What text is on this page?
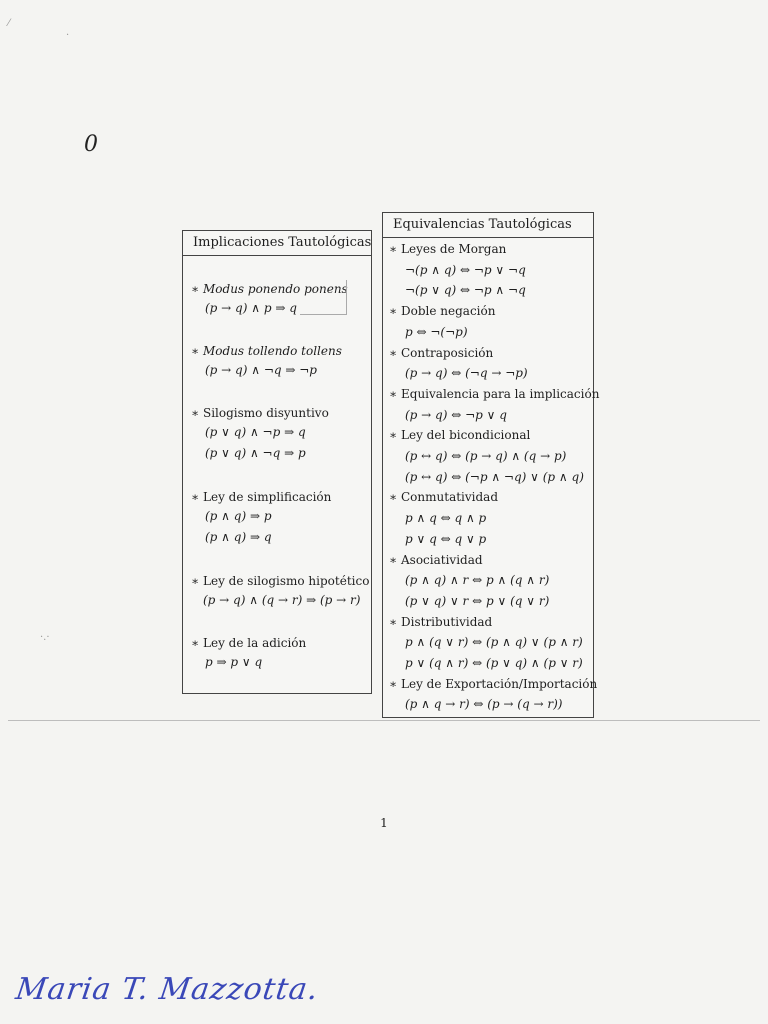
⁄
·
·.·
0
Implicaciones Tautológicas
∗ Modus ponendo ponens
(p → q) ∧ p ⇒ q
∗ Modus tollendo tollens
(p → q) ∧ ¬q ⇒ ¬p
∗ Silogismo disyuntivo
(p ∨ q) ∧ ¬p ⇒ q
(p ∨ q) ∧ ¬q ⇒ p
∗ Ley de simplificación
(p ∧ q) ⇒ p
(p ∧ q) ⇒ q
∗ Ley de silogismo hipotético
(p → q) ∧ (q → r) ⇒ (p → r)
∗ Ley de la adición
p ⇒ p ∨ q
Equivalencias Tautológicas
∗ Leyes de Morgan
¬(p ∧ q) ⇔ ¬p ∨ ¬q
¬(p ∨ q) ⇔ ¬p ∧ ¬q
∗ Doble negación
p ⇔ ¬(¬p)
∗ Contraposición
(p → q) ⇔ (¬q → ¬p)
∗ Equivalencia para la implicación
(p → q) ⇔ ¬p ∨ q
∗ Ley del bicondicional
(p ↔ q) ⇔ (p → q) ∧ (q → p)
(p ↔ q) ⇔ (¬p ∧ ¬q) ∨ (p ∧ q)
∗ Conmutatividad
p ∧ q ⇔ q ∧ p
p ∨ q ⇔ q ∨ p
∗ Asociatividad
(p ∧ q) ∧ r ⇔ p ∧ (q ∧ r)
(p ∨ q) ∨ r ⇔ p ∨ (q ∨ r)
∗ Distributividad
p ∧ (q ∨ r) ⇔ (p ∧ q) ∨ (p ∧ r)
p ∨ (q ∧ r) ⇔ (p ∨ q) ∧ (p ∨ r)
∗ Ley de Exportación/Importación
(p ∧ q → r) ⇔ (p → (q → r))
1
Maria T. Mazzotta.
